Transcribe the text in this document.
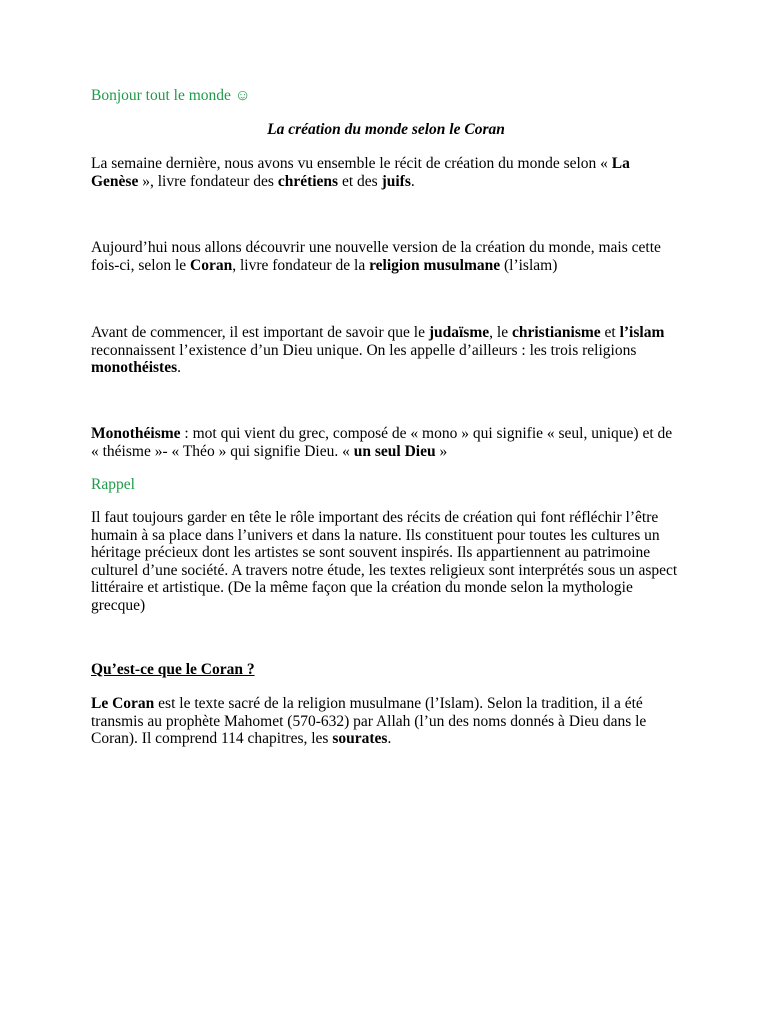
Bonjour tout le monde ☺

La création du monde selon le Coran

La semaine dernière, nous avons vu ensemble le récit de création du monde selon « La Genèse », livre fondateur des chrétiens et des juifs.

Aujourd’hui nous allons découvrir une nouvelle version de la création du monde, mais cette fois-ci, selon le Coran, livre fondateur de la religion musulmane (l’islam)

Avant de commencer, il est important de savoir que le judaïsme, le christianisme et l’islam reconnaissent l’existence d’un Dieu unique. On les appelle d’ailleurs : les trois religions monothéistes.

Monothéisme : mot qui vient du grec, composé de « mono » qui signifie « seul, unique) et de « théisme »- « Théo » qui signifie Dieu. « un seul Dieu »

Rappel

Il faut toujours garder en tête le rôle important des récits de création qui font réfléchir l’être humain à sa place dans l’univers et dans la nature. Ils constituent pour toutes les cultures un héritage précieux dont les artistes se sont souvent inspirés. Ils appartiennent au patrimoine culturel d’une société. A travers notre étude, les textes religieux sont interprétés sous un aspect littéraire et artistique. (De la même façon que la création du monde selon la mythologie grecque)

Qu’est-ce que le Coran ?

Le Coran est le texte sacré de la religion musulmane (l’Islam). Selon la tradition, il a été transmis au prophète Mahomet (570-632) par Allah (l’un des noms donnés à Dieu dans le Coran). Il comprend 114 chapitres, les sourates.
